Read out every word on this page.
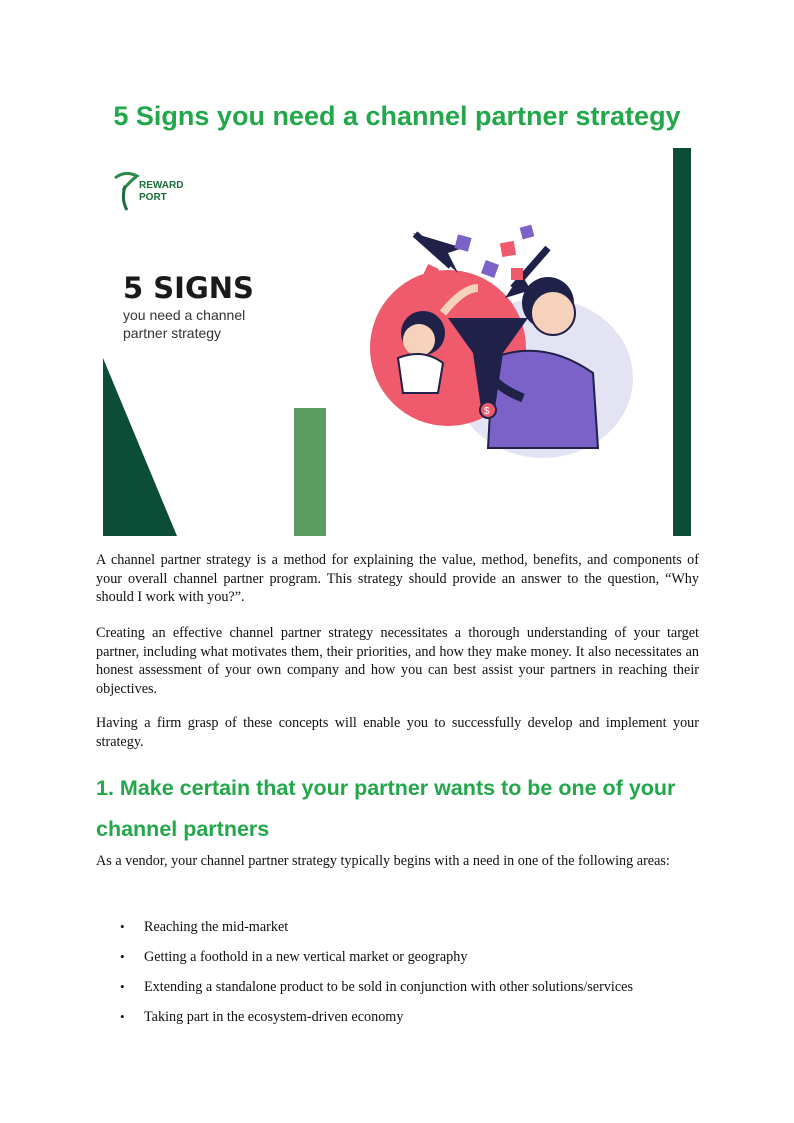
5 Signs you need a channel partner strategy
REWARD
PORT
5 SIGNS
you need a channel
partner strategy
$

A channel partner strategy is a method for explaining the value, method, benefits, and components of your overall channel partner program. This strategy should provide an answer to the question, “Why should I work with you?”.

Creating an effective channel partner strategy necessitates a thorough understanding of your target partner, including what motivates them, their priorities, and how they make money. It also necessitates an honest assessment of your own company and how you can best assist your partners in reaching their objectives.

Having a firm grasp of these concepts will enable you to successfully develop and implement your strategy.

1. Make certain that your partner wants to be one of your channel partners

As a vendor, your channel partner strategy typically begins with a need in one of the following areas:

• Reaching the mid-market
• Getting a foothold in a new vertical market or geography
• Extending a standalone product to be sold in conjunction with other solutions/services
• Taking part in the ecosystem-driven economy
